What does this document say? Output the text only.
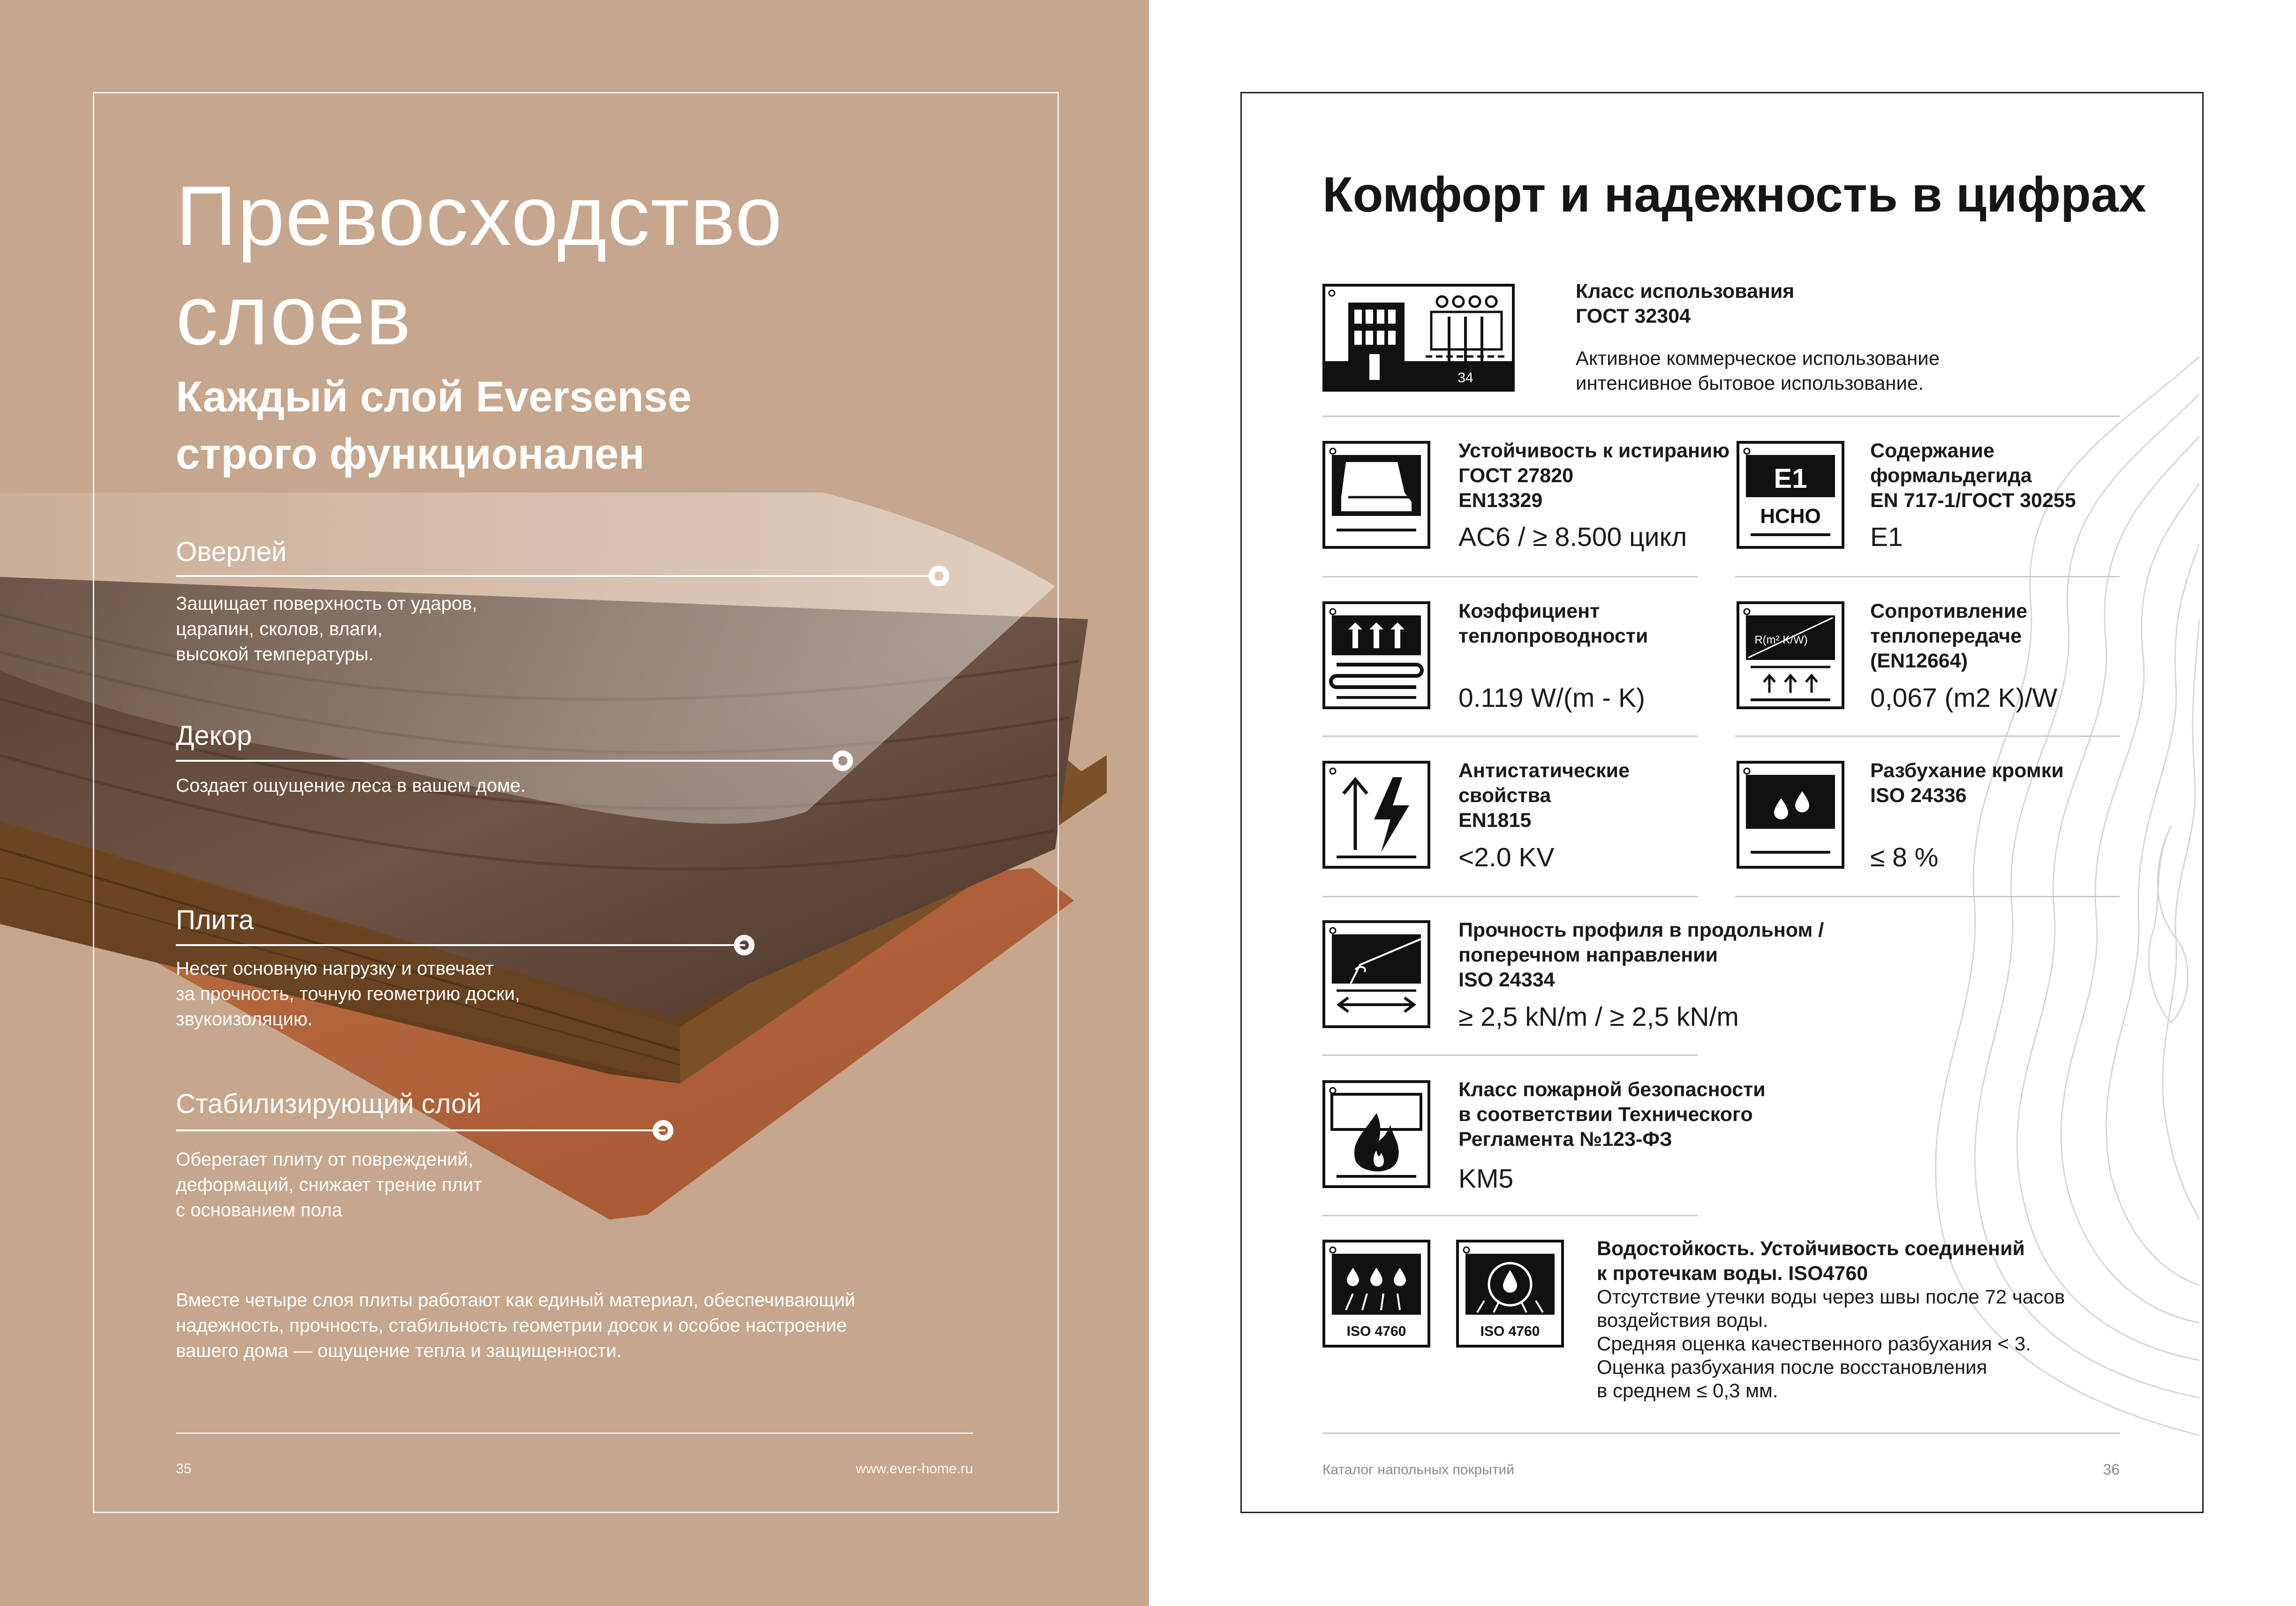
Превосходство
слоев
Каждый слой Eversense
строго функционален
Оверлей
Защищает поверхность от ударов,
царапин, сколов, влаги,
высокой температуры.
Декор
Создает ощущение леса в вашем доме.
Плита
Несет основную нагрузку и отвечает
за прочность, точную геометрию доски,
звукоизоляцию.
Стабилизирующий слой
Оберегает плиту от повреждений,
деформаций, снижает трение плит
с основанием пола
Вместе четыре слоя плиты работают как единый материал, обеспечивающий
надежность, прочность, стабильность геометрии досок и особое настроение
вашего дома — ощущение тепла и защищенности.
35	www.ever-home.ru
Комфорт и надежность в цифрах
34
Класс использования
ГОСТ 32304
Активное коммерческое использование
интенсивное бытовое использование.
Устойчивость к истиранию
ГОСТ 27820
EN13329
AC6 / ≥ 8.500 цикл
E1
HCHO
Содержание
формальдегида
EN 717-1/ГОСТ 30255
E1
Коэффициент
теплопроводности
0.119 W/(m - K)
R(m² K/W)
Сопротивление
теплопередаче
(EN12664)
0,067 (m2 K)/W
Антистатические
свойства
EN1815
<2.0 KV
Разбухание кромки
ISO 24336
≤ 8 %
Прочность профиля в продольном /
поперечном направлении
ISO 24334
≥ 2,5 kN/m / ≥ 2,5 kN/m
Класс пожарной безопасности
в соответствии Технического
Регламента №123-ФЗ
KM5
ISO 4760	ISO 4760
Водостойкость. Устойчивость соединений
к протечкам воды. ISO4760
Отсутствие утечки воды через швы после 72 часов
воздействия воды.
Средняя оценка качественного разбухания < 3.
Оценка разбухания после восстановления
в среднем ≤ 0,3 мм.
Каталог напольных покрытий	36
